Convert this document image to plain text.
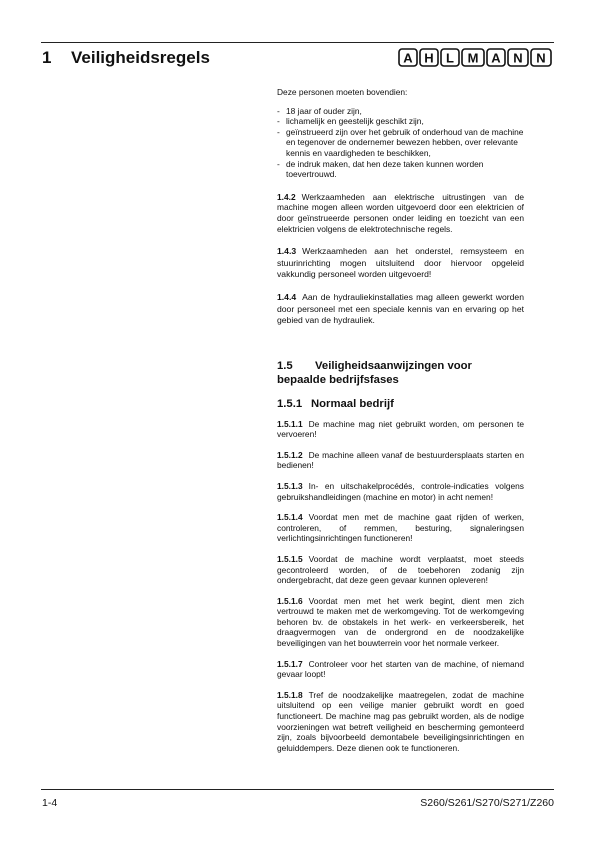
1 Veiligheidsregels	A H L M A N N

Deze personen moeten bovendien:

- 18 jaar of ouder zijn,
- lichamelijk en geestelijk geschikt zijn,
- geïnstrueerd zijn over het gebruik of onderhoud van de machine en tegenover de ondernemer bewezen hebben, over relevante kennis en vaardigheden te beschikken,
- de indruk maken, dat hen deze taken kunnen worden toevertrouwd.

1.4.2 Werkzaamheden aan elektrische uitrustingen van de machine mogen alleen worden uitgevoerd door een elektricien of door geïnstrueerde personen onder leiding en toezicht van een elektricien volgens de elektrotechnische regels.

1.4.3 Werkzaamheden aan het onderstel, remsysteem en stuurinrichting mogen uitsluitend door hiervoor opgeleid vakkundig personeel worden uitgevoerd!

1.4.4 Aan de hydrauliekinstallaties mag alleen gewerkt worden door personeel met een speciale kennis van en ervaring op het gebied van de hydrauliek.

1.5 Veiligheidsaanwijzingen voor bepaalde bedrijfsfases
1.5.1 Normaal bedrijf

1.5.1.1 De machine mag niet gebruikt worden, om personen te vervoeren!

1.5.1.2 De machine alleen vanaf de bestuurdersplaats starten en bedienen!

1.5.1.3 In- en uitschakelprocédés, controle-indicaties volgens gebruikshandleidingen (machine en motor) in acht nemen!

1.5.1.4 Voordat men met de machine gaat rijden of werken, controleren, of remmen, besturing, signaleringsen verlichtingsinrichtingen functioneren!

1.5.1.5 Voordat de machine wordt verplaatst, moet steeds gecontroleerd worden, of de toebehoren zodanig zijn ondergebracht, dat deze geen gevaar kunnen opleveren!

1.5.1.6 Voordat men met het werk begint, dient men zich vertrouwd te maken met de werkomgeving. Tot de werkomgeving behoren bv. de obstakels in het werk- en verkeersbereik, het draagvermogen van de ondergrond en de noodzakelijke beveiligingen van het bouwterrein voor het normale verkeer.

1.5.1.7 Controleer voor het starten van de machine, of niemand gevaar loopt!

1.5.1.8 Tref de noodzakelijke maatregelen, zodat de machine uitsluitend op een veilige manier gebruikt wordt en goed functioneert. De machine mag pas gebruikt worden, als de nodige voorzieningen wat betreft veiligheid en bescherming gemonteerd zijn, zoals bijvoorbeeld demontabele beveiligingsinrichtingen en geluiddempers. Deze dienen ook te functioneren.

1-4	S260/S261/S270/S271/Z260
